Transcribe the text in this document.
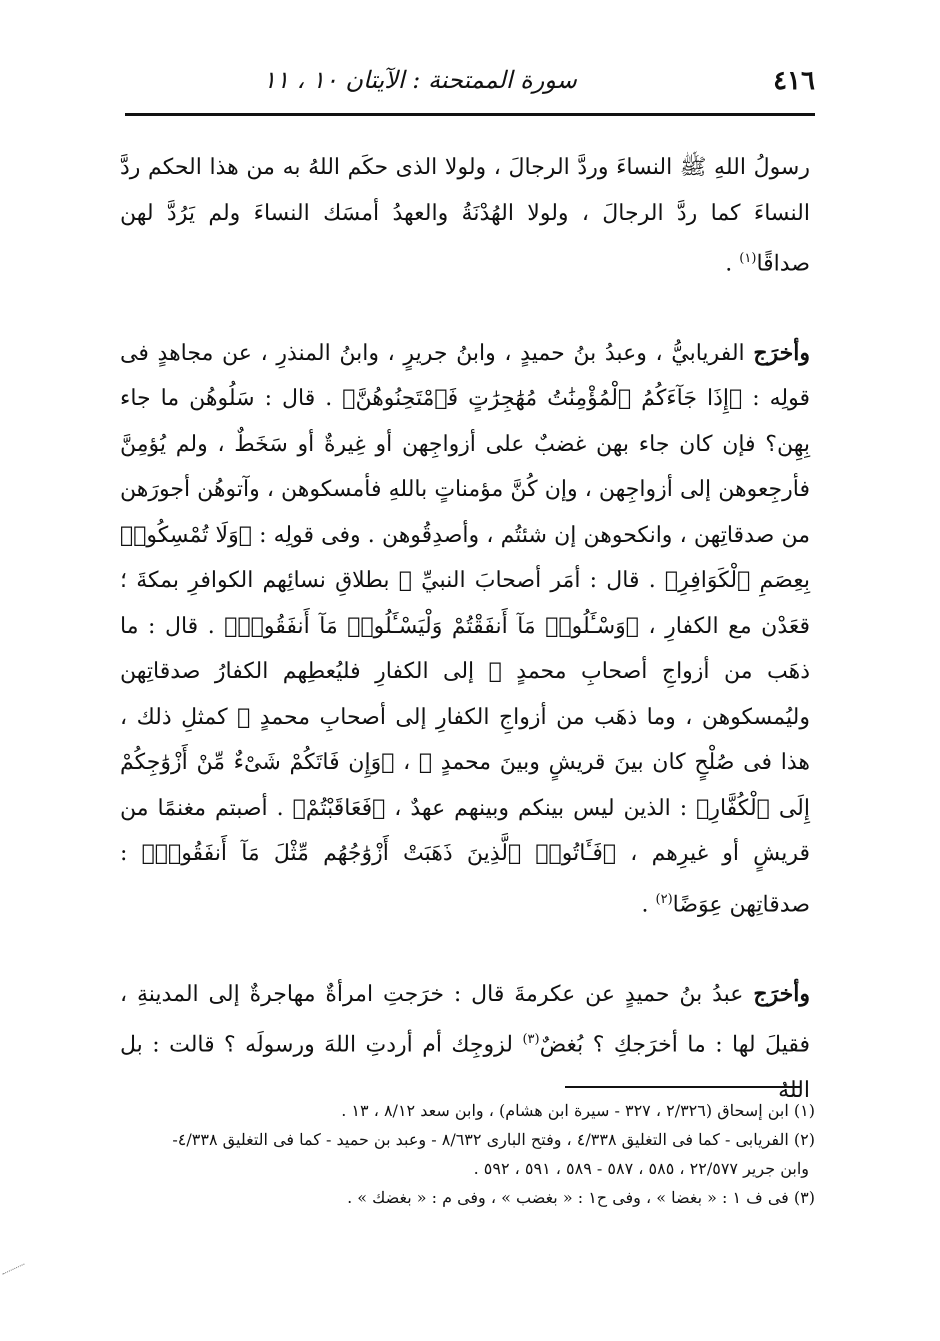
٤١٦
سورة الممتحنة : الآيتان ١٠ ، ١١

رسولُ اللهِ ﷺ النساءَ وردَّ الرجالَ ، ولولا الذى حكَم اللهُ به من هذا الحكم ردَّ النساءَ كما ردَّ الرجالَ ، ولولا الهُدْنَةُ والعهدُ أمسَك النساءَ ولم يَرُدَّ لهن صداقًا$^{(١)}$ .

وأخرَج الفريابيُّ ، وعبدُ بنُ حميدٍ ، وابنُ جريرٍ ، وابنُ المنذرِ ، عن مجاهدٍ فى قولِه : ﴿إِذَا جَآءَكُمُ ٱلْمُؤْمِنَٰتُ مُهَٰجِرَٰتٍ فَٱمْتَحِنُوهُنَّ﴾ . قال : سَلُوهُن ما جاء بِهِن؟ فإن كان جاء بهن غضبٌ على أزواجِهن أو غِيرةٌ أو سَخَطٌ ، ولم يُؤمِنَّ فأرجِعوهن إلى أزواجِهن ، وإن كُنَّ مؤمناتٍ باللهِ فأمسكوهن ، وآتوهُن أجورَهن من صدقاتِهن ، وانكحوهن إن شئتُم ، وأصدِقُوهن . وفى قولِه : ﴿وَلَا تُمْسِكُوا۟ بِعِصَمِ ٱلْكَوَافِرِ﴾ . قال : أمَر أصحابَ النبيِّ ﷺ بطلاقِ نسائِهم الكوافرِ بمكةَ ؛ قعَدْن مع الكفارِ ، ﴿وَسْـَٔلُوا۟ مَآ أَنفَقْتُمْ وَلْيَسْـَٔلُوا۟ مَآ أَنفَقُوا۟﴾ . قال : ما ذهَب من أزواجِ أصحابِ محمدٍ ﷺ إلى الكفارِ فليُعطِهم الكفارُ صدقاتِهن وليُمسكوهن ، وما ذهَب من أزواجِ الكفارِ إلى أصحابِ محمدٍ ﷺ كمثلِ ذلك ، هذا فى صُلْحٍ كان بينَ قريشٍ وبينَ محمدٍ ﷺ ، ﴿وَإِن فَاتَكُمْ شَىْءٌ مِّنْ أَزْوَٰجِكُمْ إِلَى ٱلْكُفَّارِ﴾ : الذين ليس بينكم وبينهم عهدٌ ، ﴿فَعَاقَبْتُمْ﴾ . أصبتم مغنمًا من قريشٍ أو غيرِهم ، ﴿فَـَٔاتُوا۟ ٱلَّذِينَ ذَهَبَتْ أَزْوَٰجُهُم مِّثْلَ مَآ أَنفَقُوا۟﴾ : صدقاتِهن عِوَضًا$^{(٢)}$ .

وأخرَج عبدُ بنُ حميدٍ عن عكرمةَ قال : خرَجتِ امرأةٌ مهاجرةٌ إلى المدينةِ ، فقيلَ لها : ما أخرَجكِ ؟ بُغضٌ$^{(٣)}$ لزوجِك أم أردتِ اللهَ ورسولَه ؟ قالت : بل اللهُ

(١) ابن إسحاق (٢/٣٢٦ ، ٣٢٧ - سيرة ابن هشام) ، وابن سعد ٨/١٢ ، ١٣ .

(٢) الفريابى - كما فى التغليق ٤/٣٣٨ ، وفتح البارى ٨/٦٣٢ - وعبد بن حميد - كما فى التغليق ٤/٣٣٨-

وابن جرير ٢٢/٥٧٧ ، ٥٨٥ ، ٥٨٧ - ٥٨٩ ، ٥٩١ ، ٥٩٢ .

(٣) فى ف ١ : « بغضا » ، وفى ح١ : « بغضب » ، وفى م : « بغضك » .
